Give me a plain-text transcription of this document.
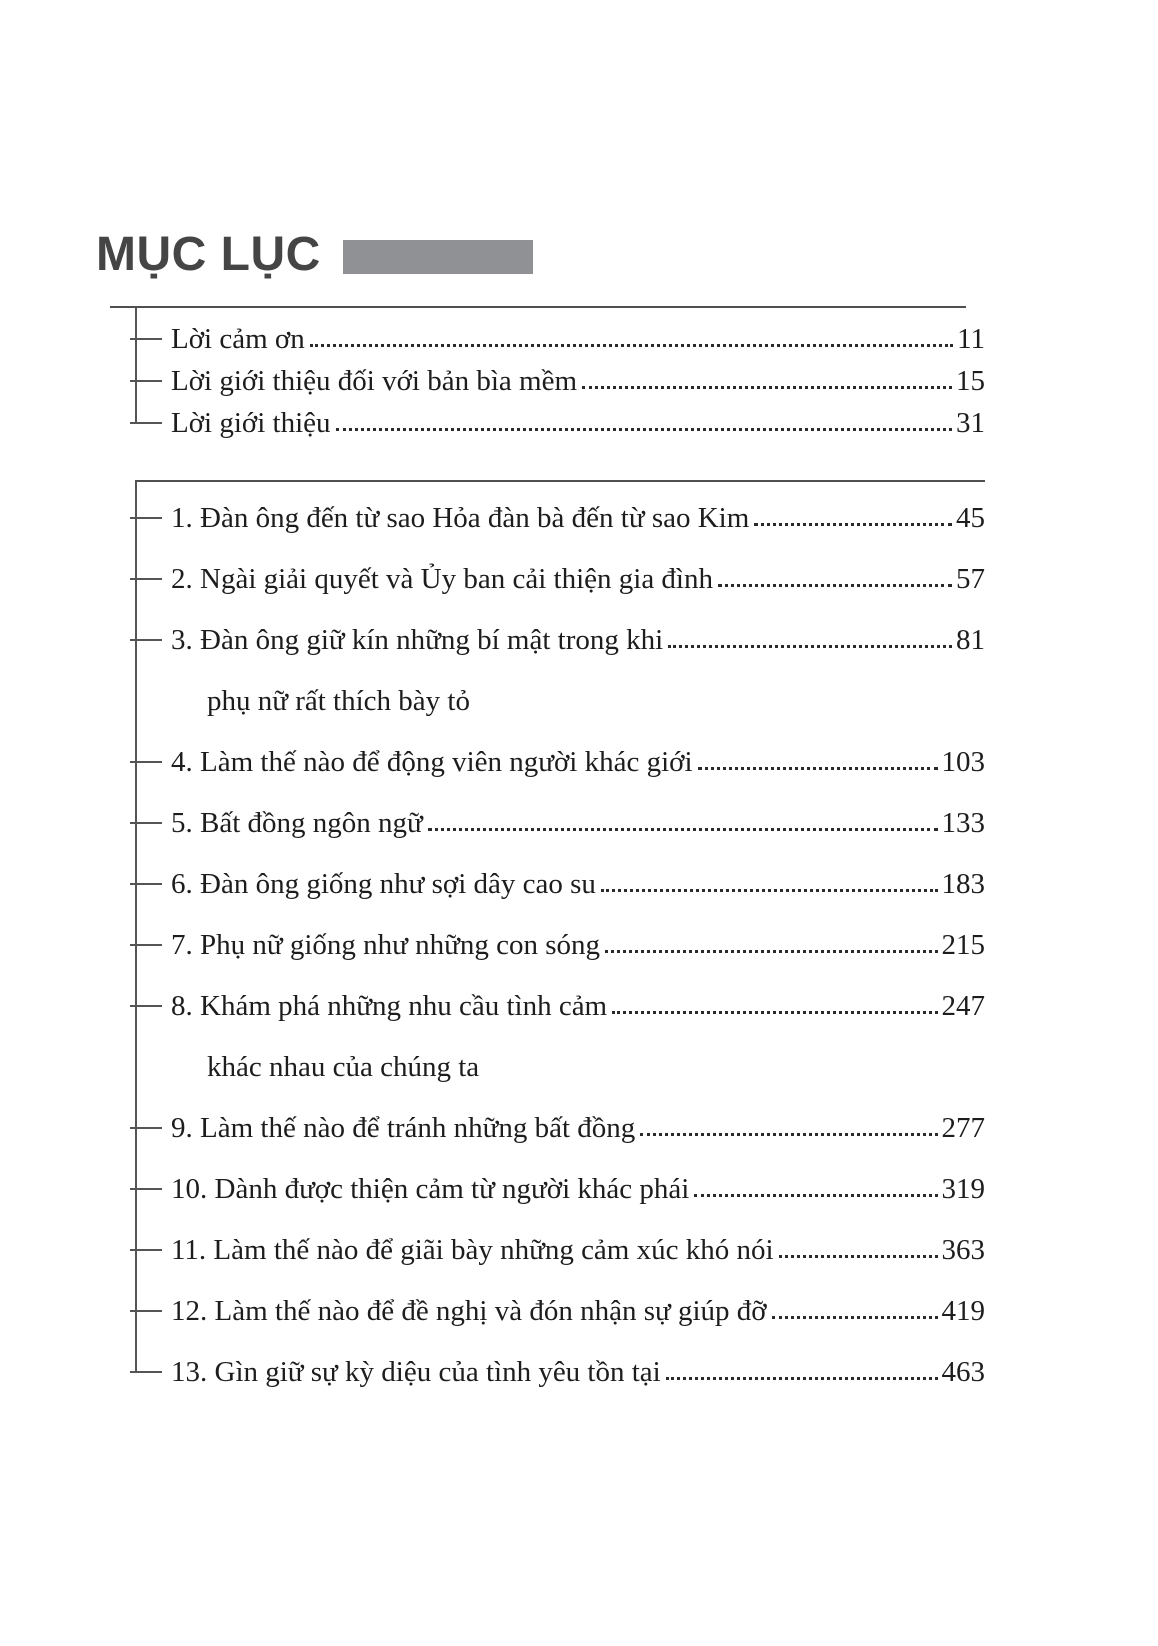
MỤC LỤC
Lời cảm ơn	11
Lời giới thiệu đối với bản bìa mềm	15
Lời giới thiệu	31
1. Đàn ông đến từ sao Hỏa đàn bà đến từ sao Kim	45
2. Ngài giải quyết và Ủy ban cải thiện gia đình	57
3. Đàn ông giữ kín những bí mật trong khi	81
phụ nữ rất thích bày tỏ
4. Làm thế nào để động viên người khác giới	103
5. Bất đồng ngôn ngữ	133
6. Đàn ông giống như sợi dây cao su	183
7. Phụ nữ giống như những con sóng	215
8. Khám phá những nhu cầu tình cảm	247
khác nhau của chúng ta
9. Làm thế nào để tránh những bất đồng	277
10. Dành được thiện cảm từ người khác phái	319
11. Làm thế nào để giãi bày những cảm xúc khó nói	363
12. Làm thế nào để đề nghị và đón nhận sự giúp đỡ	419
13. Gìn giữ sự kỳ diệu của tình yêu tồn tại	463
